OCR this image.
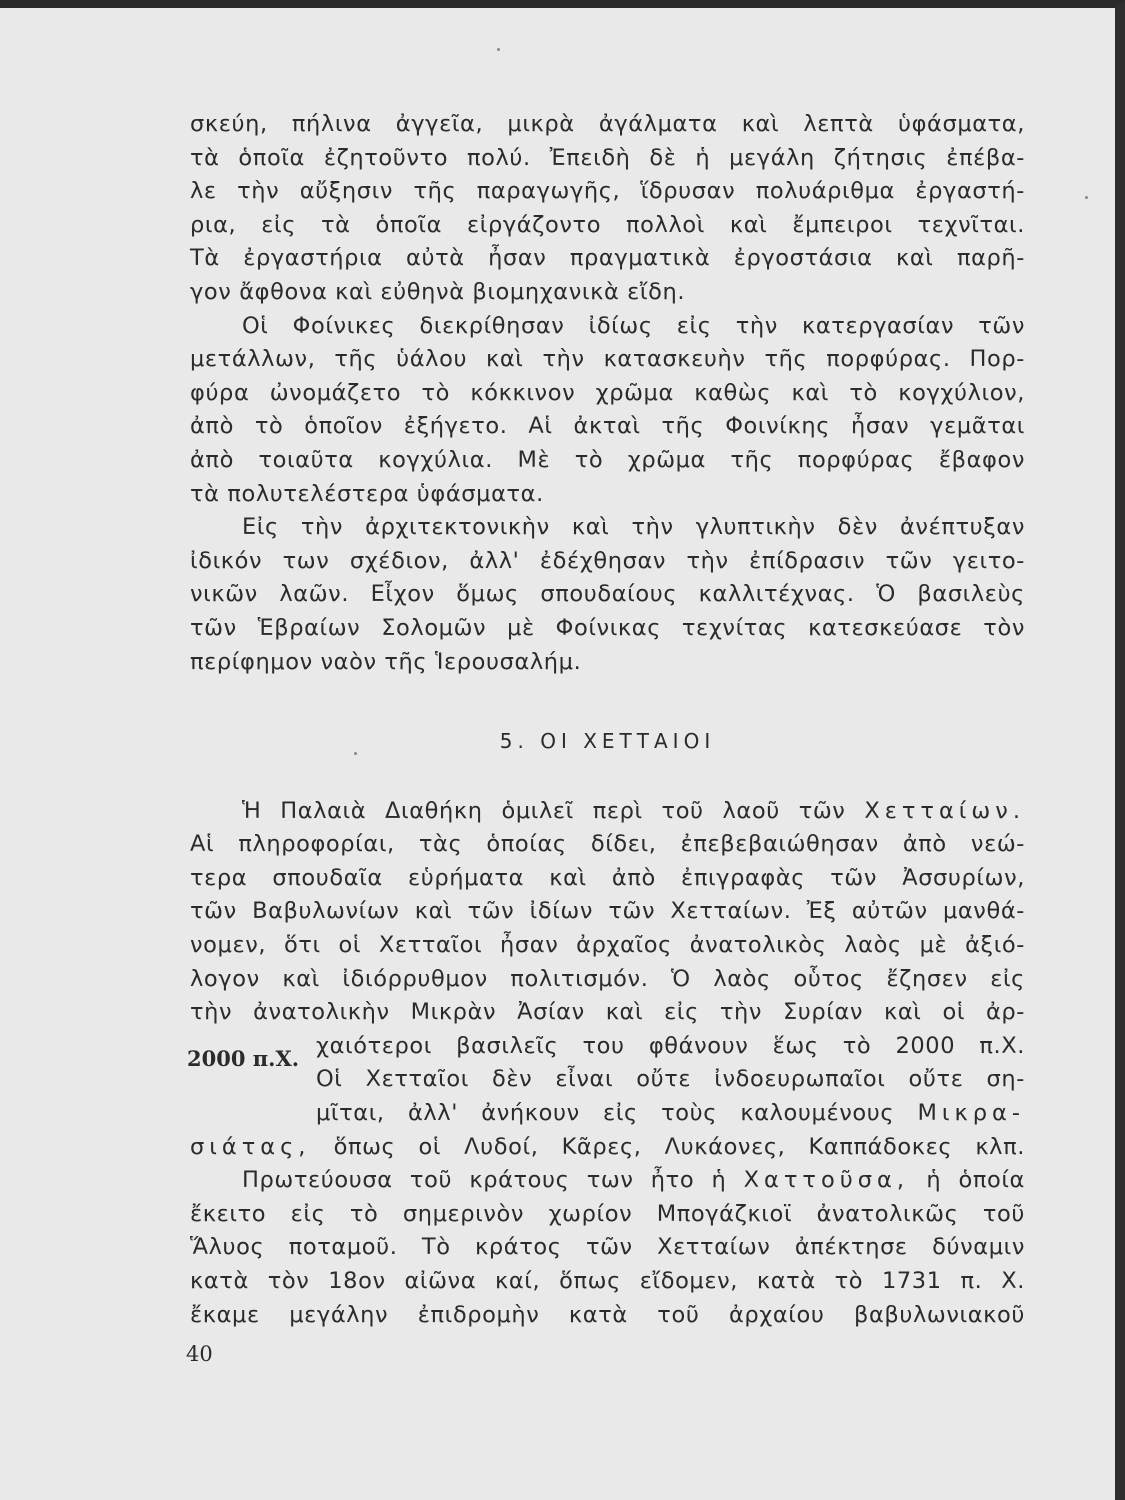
σκεύη, πήλινα ἀγγεῖα, μικρὰ ἀγάλματα καὶ λεπτὰ ὑφάσματα,
τὰ ὁποῖα ἐζητοῦντο πολύ. Ἐπειδὴ δὲ ἡ μεγάλη ζήτησις ἐπέβα-
λε τὴν αὔξησιν τῆς παραγωγῆς, ἵδρυσαν πολυάριθμα ἐργαστή-
ρια, εἰς τὰ ὁποῖα εἰργάζοντο πολλοὶ καὶ ἔμπειροι τεχνῖται.
Τὰ ἐργαστήρια αὐτὰ ἦσαν πραγματικὰ ἐργοστάσια καὶ παρῆ-
γον ἄφθονα καὶ εὐθηνὰ βιομηχανικὰ εἴδη.
Οἱ Φοίνικες διεκρίθησαν ἰδίως εἰς τὴν κατεργασίαν τῶν
μετάλλων, τῆς ὑάλου καὶ τὴν κατασκευὴν τῆς πορφύρας. Πορ-
φύρα ὠνομάζετο τὸ κόκκινον χρῶμα καθὼς καὶ τὸ κογχύλιον,
ἀπὸ τὸ ὁποῖον ἐξήγετο. Αἱ ἀκταὶ τῆς Φοινίκης ἦσαν γεμᾶται
ἀπὸ τοιαῦτα κογχύλια. Μὲ τὸ χρῶμα τῆς πορφύρας ἔβαφον
τὰ πολυτελέστερα ὑφάσματα.
Εἰς τὴν ἀρχιτεκτονικὴν καὶ τὴν γλυπτικὴν δὲν ἀνέπτυξαν
ἰδικόν των σχέδιον, ἀλλ' ἐδέχθησαν τὴν ἐπίδρασιν τῶν γειτο-
νικῶν λαῶν. Εἶχον ὅμως σπουδαίους καλλιτέχνας. Ὁ βασιλεὺς
τῶν Ἑβραίων Σολομῶν μὲ Φοίνικας τεχνίτας κατεσκεύασε τὸν
περίφημον ναὸν τῆς Ἱερουσαλήμ.
5. ΟΙ ΧΕΤΤΑΙΟΙ
Ἡ Παλαιὰ Διαθήκη ὁμιλεῖ περὶ τοῦ λαοῦ τῶν Χετταίων.
Αἱ πληροφορίαι, τὰς ὁποίας δίδει, ἐπεβεβαιώθησαν ἀπὸ νεώ-
τερα σπουδαῖα εὑρήματα καὶ ἀπὸ ἐπιγραφὰς τῶν Ἀσσυρίων,
τῶν Βαβυλωνίων καὶ τῶν ἰδίων τῶν Χετταίων. Ἐξ αὐτῶν μανθά-
νομεν, ὅτι οἱ Χετταῖοι ἦσαν ἀρχαῖος ἀνατολικὸς λαὸς μὲ ἀξιό-
λογον καὶ ἰδιόρρυθμον πολιτισμόν. Ὁ λαὸς οὗτος ἔζησεν εἰς
τὴν ἀνατολικὴν Μικρὰν Ἀσίαν καὶ εἰς τὴν Συρίαν καὶ οἱ ἀρ-
χαιότεροι βασιλεῖς του φθάνουν ἕως τὸ 2000 π.Χ.
Οἱ Χετταῖοι δὲν εἶναι οὔτε ἰνδοευρωπαῖοι οὔτε ση-
μῖται, ἀλλ' ἀνήκουν εἰς τοὺς καλουμένους Μικρα-
σιάτας, ὅπως οἱ Λυδοί, Κᾶρες, Λυκάονες, Καππάδοκες κλπ.
Πρωτεύουσα τοῦ κράτους των ἦτο ἡ Χαττοῦσα, ἡ ὁποία
ἔκειτο εἰς τὸ σημερινὸν χωρίον Μπογάζκιοϊ ἀνατολικῶς τοῦ
Ἅλυος ποταμοῦ. Τὸ κράτος τῶν Χετταίων ἀπέκτησε δύναμιν
κατὰ τὸν 18ον αἰῶνα καί, ὅπως εἴδομεν, κατὰ τὸ 1731 π. Χ.
ἔκαμε μεγάλην ἐπιδρομὴν κατὰ τοῦ ἀρχαίου βαβυλωνιακοῦ
2000 π.Χ.
40
